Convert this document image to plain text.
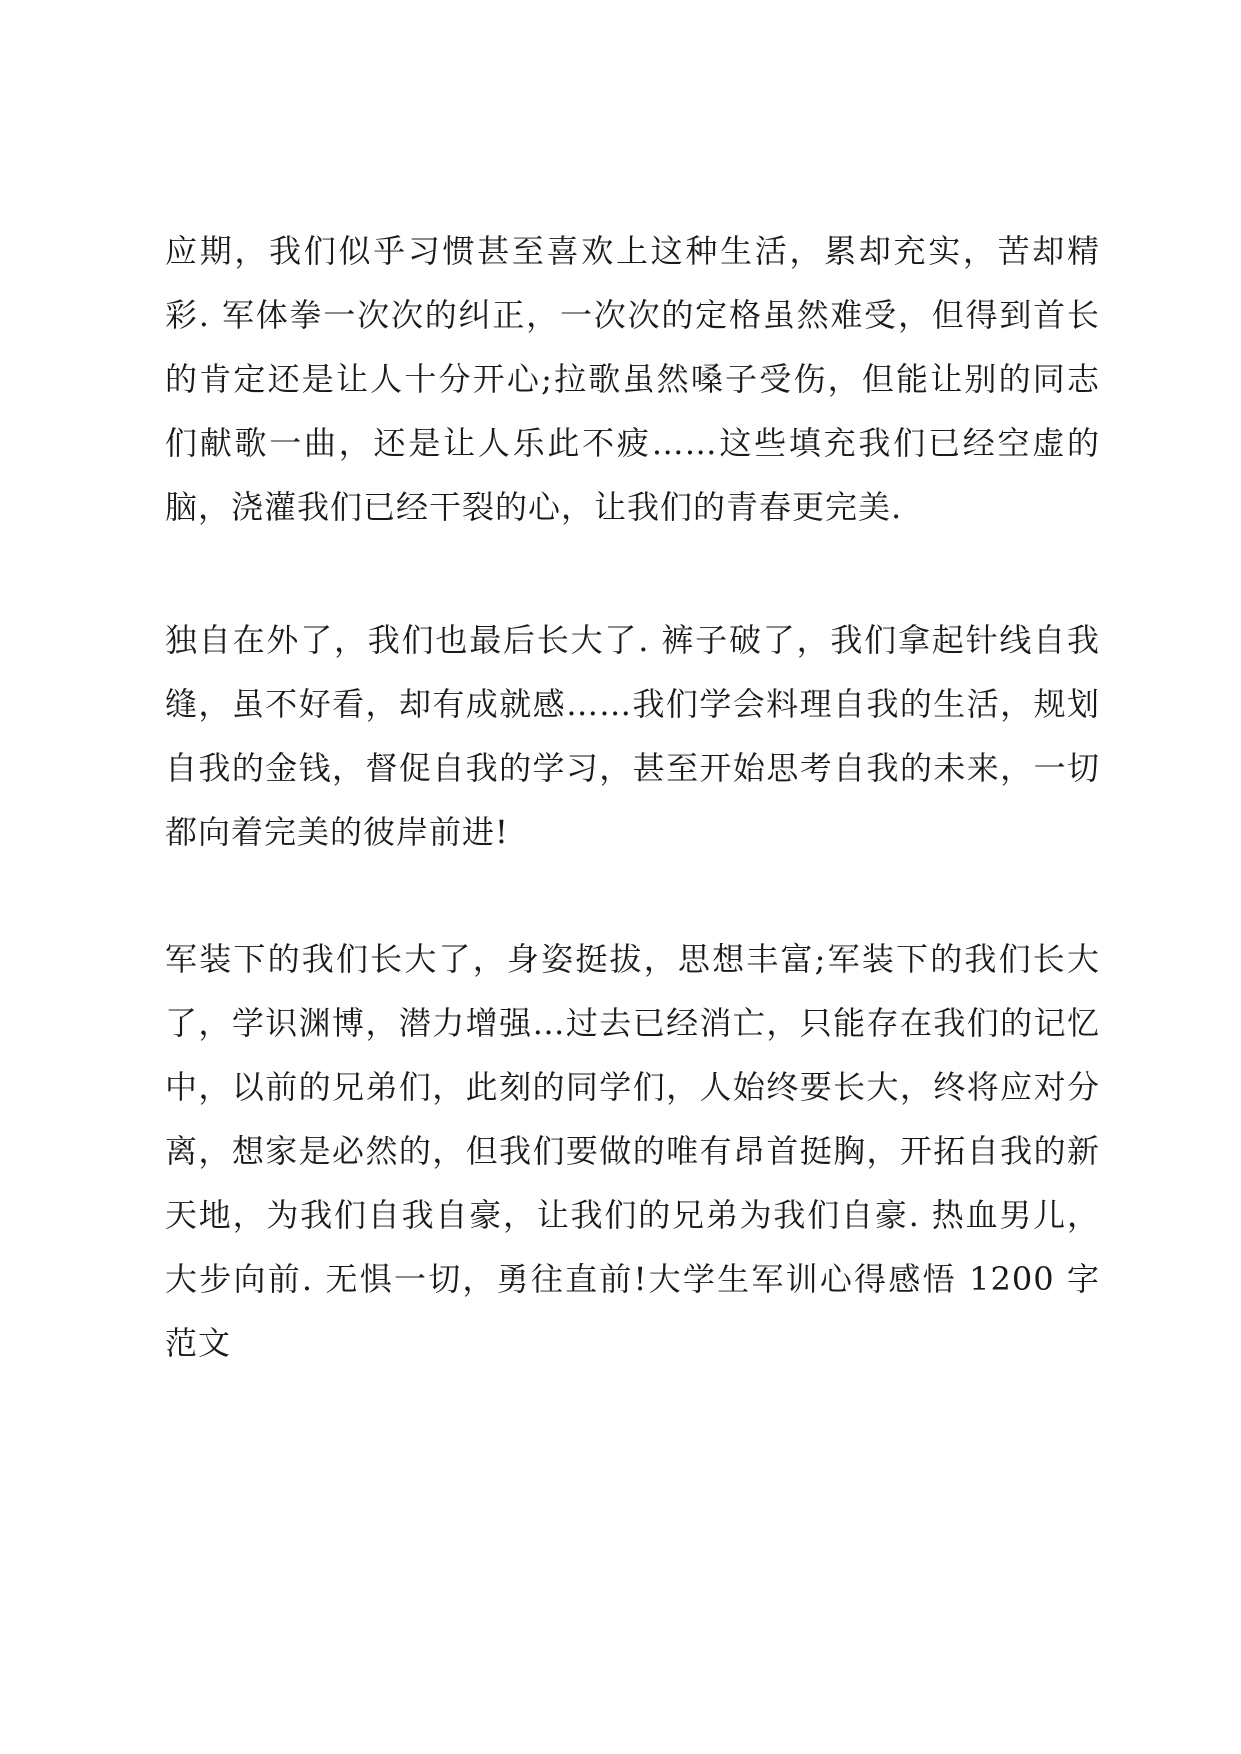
应期，我们似乎习惯甚至喜欢上这种生活，累却充实，苦却精彩. 军体拳一次次的纠正，一次次的定格虽然难受，但得到首长的肯定还是让人十分开心;拉歌虽然嗓子受伤，但能让别的同志们献歌一曲，还是让人乐此不疲……这些填充我们已经空虚的脑，浇灌我们已经干裂的心，让我们的青春更完美.

独自在外了，我们也最后长大了. 裤子破了，我们拿起针线自我缝，虽不好看，却有成就感……我们学会料理自我的生活，规划自我的金钱，督促自我的学习，甚至开始思考自我的未来，一切都向着完美的彼岸前进!

军装下的我们长大了，身姿挺拔，思想丰富;军装下的我们长大了，学识渊博，潜力增强…过去已经消亡，只能存在我们的记忆中，以前的兄弟们，此刻的同学们，人始终要长大，终将应对分离，想家是必然的，但我们要做的唯有昂首挺胸，开拓自我的新天地，为我们自我自豪，让我们的兄弟为我们自豪. 热血男儿，大步向前. 无惧一切，勇往直前!大学生军训心得感悟 1200 字范文
